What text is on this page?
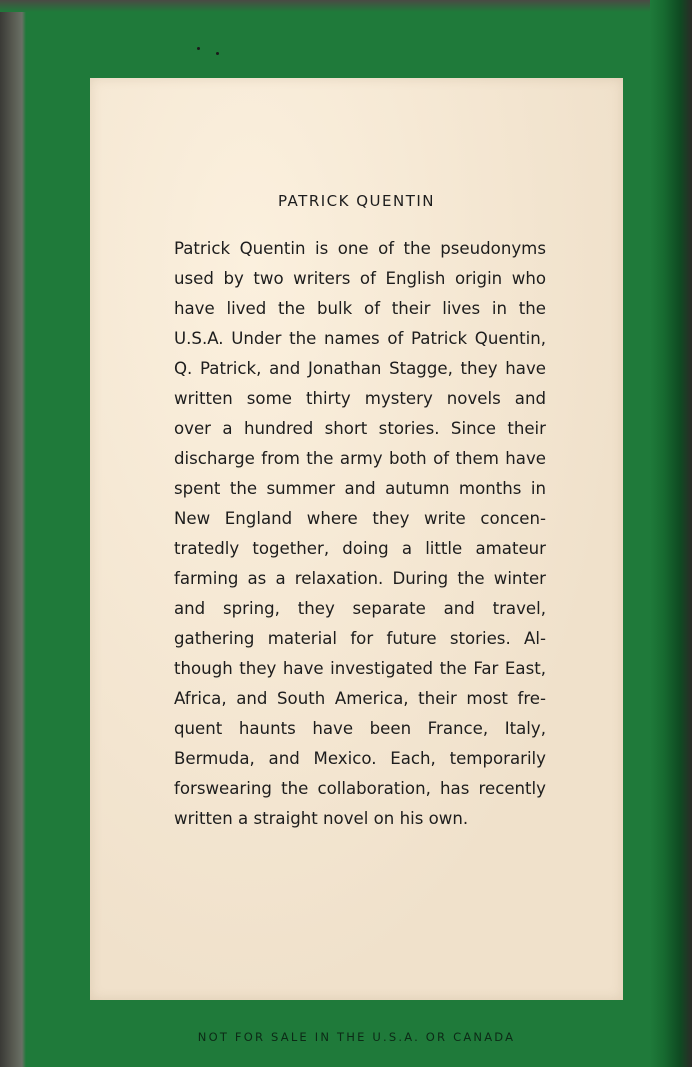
PATRICK QUENTIN

Patrick Quentin is one of the pseudonyms
used by two writers of English origin who
have lived the bulk of their lives in the
U.S.A. Under the names of Patrick Quentin,
Q. Patrick, and Jonathan Stagge, they have
written some thirty mystery novels and
over a hundred short stories. Since their
discharge from the army both of them have
spent the summer and autumn months in
New England where they write concen-
tratedly together, doing a little amateur
farming as a relaxation. During the winter
and spring, they separate and travel,
gathering material for future stories. Al-
though they have investigated the Far East,
Africa, and South America, their most fre-
quent haunts have been France, Italy,
Bermuda, and Mexico. Each, temporarily
forswearing the collaboration, has recently
written a straight novel on his own.

NOT FOR SALE IN THE U.S.A. OR CANADA
